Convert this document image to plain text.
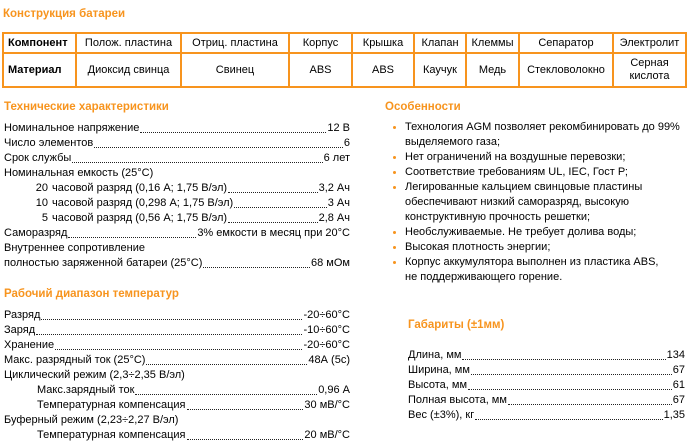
Конструкция батареи
Компонент	Полож. пластина	Отриц. пластина	Корпус	Крышка	Клапан	Клеммы	Сепаратор	Электролит
Материал	Диоксид свинца	Свинец	ABS	ABS	Каучук	Медь	Стекловолокно	Серная кислота
Технические характеристики
Номинальное напряжение	12 В
Число элементов	6
Срок службы	6 лет
Номинальная емкость (25°С)
20 часовой разряд (0,16 А; 1,75 В/эл)	3,2 Ач
10 часовой разряд (0,298 А; 1,75 В/эл)	3 Ач
5 часовой разряд (0,56 А; 1,75 В/эл)	2,8 Ач
Саморазряд	3% емкости в месяц при 20°С
Внутреннее сопротивление
полностью заряженной батареи (25°С)	68 мОм
Рабочий диапазон температур
Разряд	-20÷60°С
Заряд	-10÷60°С
Хранение	-20÷60°С
Макс. разрядный ток (25°С)	48А (5с)
Циклический режим (2,3÷2,35 В/эл)
Макс.зарядный ток	0,96 А
Температурная компенсация	30 мВ/°С
Буферный режим (2,23÷2,27 В/эл)
Температурная компенсация	20 мВ/°С
Особенности
Технология AGM позволяет рекомбинировать до 99%
выделяемого газа;
Нет ограничений на воздушные перевозки;
Соответствие требованиям UL, IEC, Гост Р;
Легированные кальцием свинцовые пластины
обеспечивают низкий саморазряд, высокую
конструктивную прочность решетки;
Необслуживаемые. Не требует долива воды;
Высокая плотность энергии;
Корпус аккумулятора выполнен из пластика ABS,
не поддерживающего горение.
Габариты (±1мм)
Длина, мм	134
Ширина, мм	67
Высота, мм	61
Полная высота, мм	67
Вес (±3%), кг	1,35
